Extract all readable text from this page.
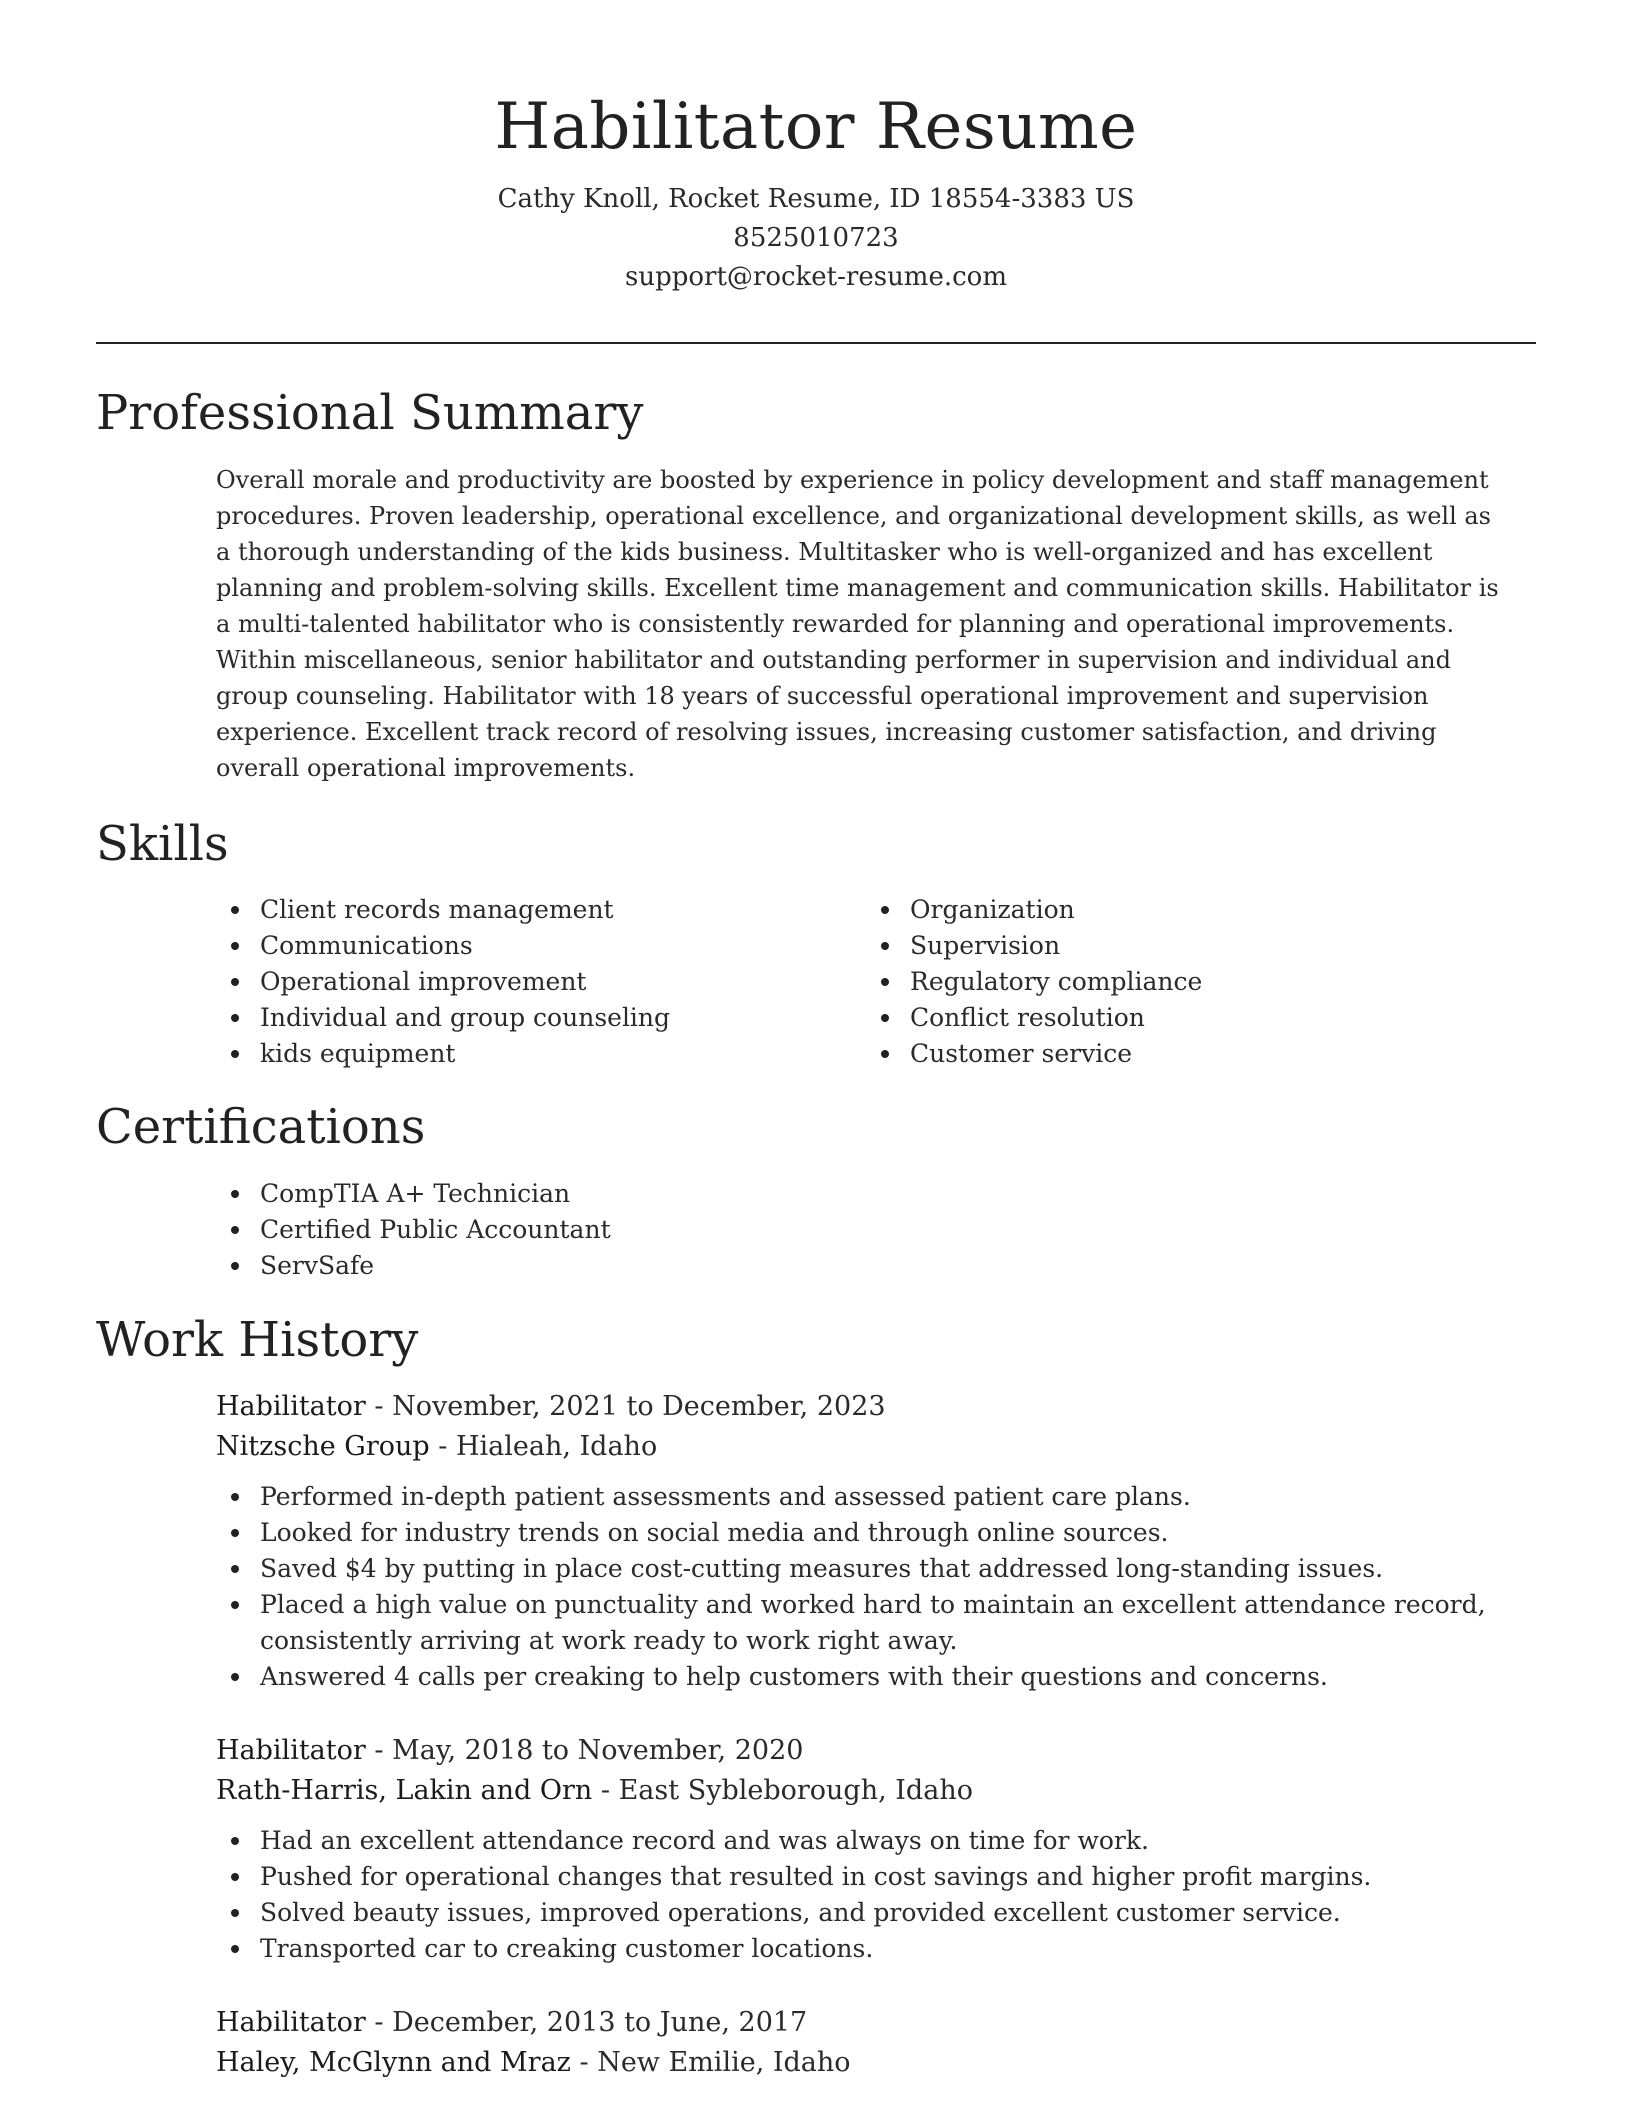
Habilitator Resume
Cathy Knoll, Rocket Resume, ID 18554-3383 US
8525010723
support@rocket-resume.com
Professional Summary
Overall morale and productivity are boosted by experience in policy development and staff management procedures. Proven leadership, operational excellence, and organizational development skills, as well as a thorough understanding of the kids business. Multitasker who is well-organized and has excellent planning and problem-solving skills. Excellent time management and communication skills. Habilitator is a multi-talented habilitator who is consistently rewarded for planning and operational improvements. Within miscellaneous, senior habilitator and outstanding performer in supervision and individual and group counseling. Habilitator with 18 years of successful operational improvement and supervision experience. Excellent track record of resolving issues, increasing customer satisfaction, and driving overall operational improvements.
Skills
Client records management
Communications
Operational improvement
Individual and group counseling
kids equipment
Organization
Supervision
Regulatory compliance
Conflict resolution
Customer service
Certifications
CompTIA A+ Technician
Certified Public Accountant
ServSafe
Work History
Habilitator - November, 2021 to December, 2023
Nitzsche Group - Hialeah, Idaho
Performed in-depth patient assessments and assessed patient care plans.
Looked for industry trends on social media and through online sources.
Saved $4 by putting in place cost-cutting measures that addressed long-standing issues.
Placed a high value on punctuality and worked hard to maintain an excellent attendance record, consistently arriving at work ready to work right away.
Answered 4 calls per creaking to help customers with their questions and concerns.
Habilitator - May, 2018 to November, 2020
Rath-Harris, Lakin and Orn - East Sybleborough, Idaho
Had an excellent attendance record and was always on time for work.
Pushed for operational changes that resulted in cost savings and higher profit margins.
Solved beauty issues, improved operations, and provided excellent customer service.
Transported car to creaking customer locations.
Habilitator - December, 2013 to June, 2017
Haley, McGlynn and Mraz - New Emilie, Idaho
